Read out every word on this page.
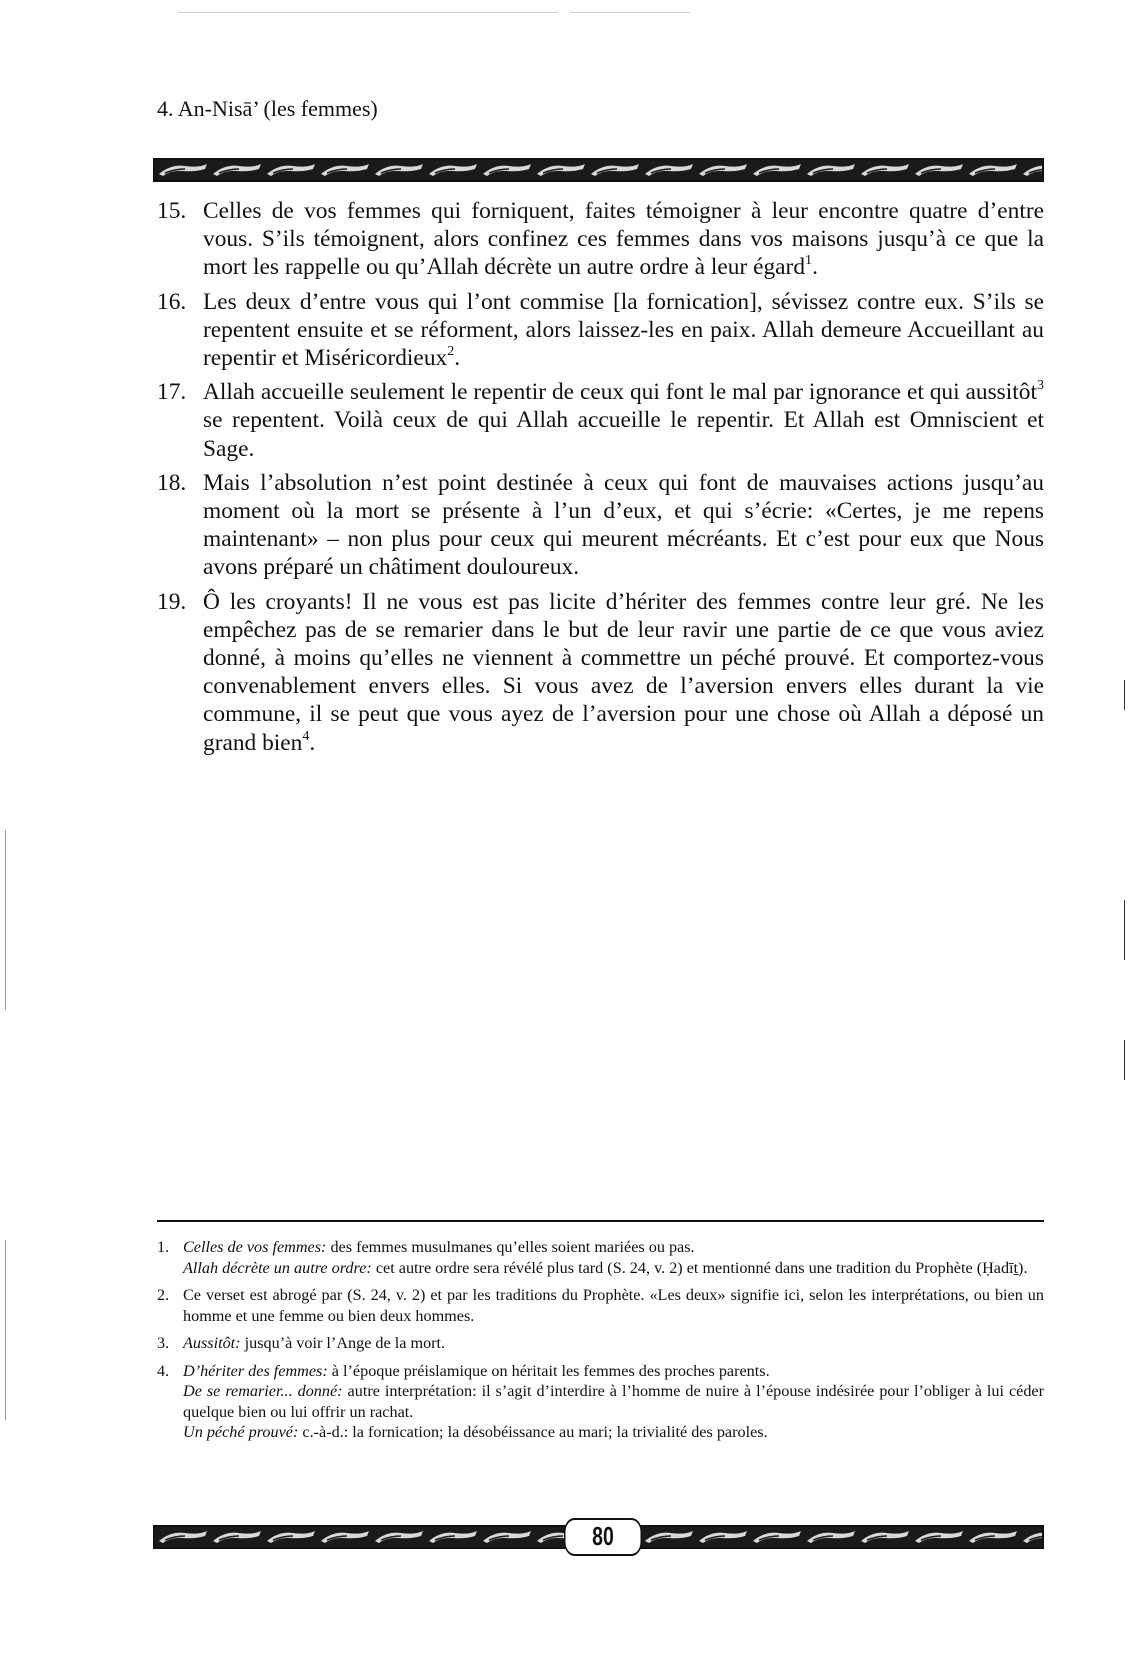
4. An-Nisā’ (les femmes)
15. Celles de vos femmes qui forniquent, faites témoigner à leur encontre quatre d’entre vous. S’ils témoignent, alors confinez ces femmes dans vos maisons jusqu’à ce que la mort les rappelle ou qu’Allah décrète un autre ordre à leur égard$^1$.
16. Les deux d’entre vous qui l’ont commise [la fornication], sévissez contre eux. S’ils se repentent ensuite et se réforment, alors laissez-les en paix. Allah demeure Accueillant au repentir et Miséricordieux$^2$.
17. Allah accueille seulement le repentir de ceux qui font le mal par ignorance et qui aussitôt$^3$ se repentent. Voilà ceux de qui Allah accueille le repentir. Et Allah est Omniscient et Sage.
18. Mais l’absolution n’est point destinée à ceux qui font de mauvaises actions jusqu’au moment où la mort se présente à l’un d’eux, et qui s’écrie: «Certes, je me repens maintenant» – non plus pour ceux qui meurent mécréants. Et c’est pour eux que Nous avons préparé un châtiment douloureux.
19. Ô les croyants! Il ne vous est pas licite d’hériter des femmes contre leur gré. Ne les empêchez pas de se remarier dans le but de leur ravir une partie de ce que vous aviez donné, à moins qu’elles ne viennent à commettre un péché prouvé. Et comportez-vous convenablement envers elles. Si vous avez de l’aversion envers elles durant la vie commune, il se peut que vous ayez de l’aversion pour une chose où Allah a déposé un grand bien$^4$.
1. Celles de vos femmes: des femmes musulmanes qu’elles soient mariées ou pas.
Allah décrète un autre ordre: cet autre ordre sera révélé plus tard (S. 24, v. 2) et mentionné dans une tradition du Prophète (Ḥadīṯ).
2. Ce verset est abrogé par (S. 24, v. 2) et par les traditions du Prophète. «Les deux» signifie ici, selon les interprétations, ou bien un homme et une femme ou bien deux hommes.
3. Aussitôt: jusqu’à voir l’Ange de la mort.
4. D’hériter des femmes: à l’époque préislamique on héritait les femmes des proches parents.
De se remarier... donné: autre interprétation: il s’agit d’interdire à l’homme de nuire à l’épouse indésirée pour l’obliger à lui céder quelque bien ou lui offrir un rachat.
Un péché prouvé: c.-à-d.: la fornication; la désobéissance au mari; la trivialité des paroles.
80
